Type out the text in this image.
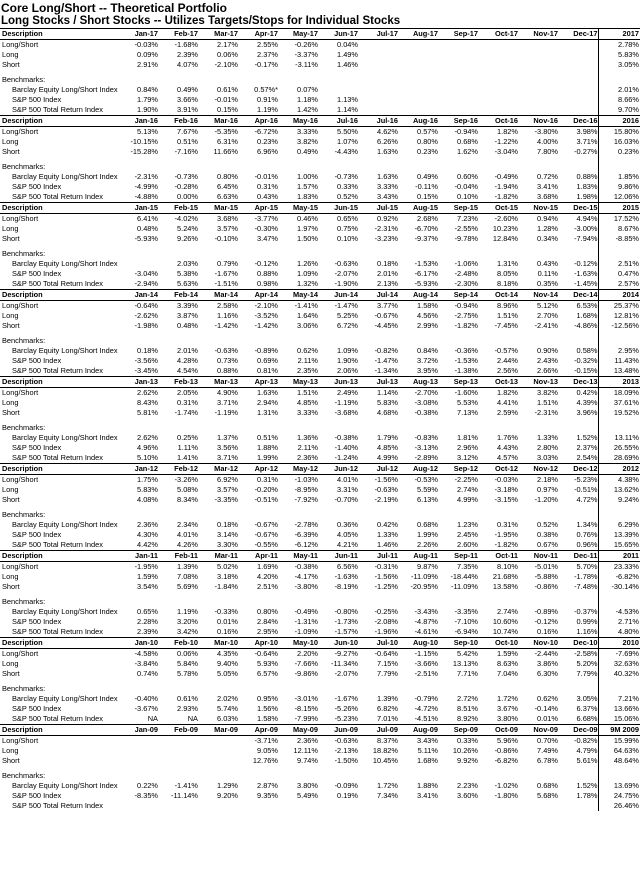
Core Long/Short -- Theoretical Portfolio
Long Stocks / Short Stocks -- Utilizes Targets/Stops for Individual Stocks
Description	Jan-17	Feb-17	Mar-17	Apr-17	May-17	Jun-17	Jul-17	Aug-17	Sep-17	Oct-17	Nov-17	Dec-17	2017
Long/Short	-0.03%	-1.68%	2.17%	2.55%	-0.26%	0.04%							2.78%
Long	0.09%	2.39%	0.06%	2.37%	-3.37%	1.49%							5.83%
Short	2.91%	4.07%	-2.10%	-0.17%	-3.11%	1.46%							3.05%

Benchmarks:													
Barclay Equity Long/Short Index	0.84%	0.49%	0.61%	0.57%*	0.07%								2.01%
S&P 500 Index	1.79%	3.66%	-0.01%	0.91%	1.18%	1.13%							8.66%
S&P 500 Total Return Index	1.90%	3.91%	0.15%	1.19%	1.42%	1.14%							9.70%
Description	Jan-16	Feb-16	Mar-16	Apr-16	May-16	Jul-16	Jul-16	Aug-16	Sep-16	Oct-16	Nov-16	Dec-16	2016
Long/Short	5.13%	7.67%	-5.35%	-6.72%	3.33%	5.50%	4.62%	0.57%	-0.94%	1.82%	-3.80%	3.98%	15.80%
Long	-10.15%	0.51%	6.31%	0.23%	3.82%	1.07%	6.26%	0.80%	0.68%	-1.22%	4.00%	3.71%	16.03%
Short	-15.28%	-7.16%	11.66%	6.96%	0.49%	-4.43%	1.63%	0.23%	1.62%	-3.04%	7.80%	-0.27%	0.23%

Benchmarks:													
Barclay Equity Long/Short Index	-2.31%	-0.73%	0.80%	-0.01%	1.00%	-0.73%	1.63%	0.49%	0.60%	-0.49%	0.72%	0.88%	1.85%
S&P 500 Index	-4.99%	-0.28%	6.45%	0.31%	1.57%	0.33%	3.33%	-0.11%	-0.04%	-1.94%	3.41%	1.83%	9.86%
S&P 500 Total Return Index	-4.88%	0.00%	6.63%	0.43%	1.83%	0.52%	3.43%	0.15%	0.10%	-1.82%	3.68%	1.98%	12.06%
Description	Jan-15	Feb-15	Mar-15	Apr-15	May-15	Jun-15	Jul-15	Aug-15	Sep-15	Oct-15	Nov-15	Dec-15	2015
Long/Short	6.41%	-4.02%	3.68%	-3.77%	0.46%	0.65%	0.92%	2.68%	7.23%	-2.60%	0.94%	4.94%	17.52%
Long	0.48%	5.24%	3.57%	-0.30%	1.97%	0.75%	-2.31%	-6.70%	-2.55%	10.23%	1.28%	-3.00%	8.67%
Short	-5.93%	9.26%	-0.10%	3.47%	1.50%	0.10%	-3.23%	-9.37%	-9.78%	12.84%	0.34%	-7.94%	-8.85%

Benchmarks:													
Barclay Equity Long/Short Index		2.03%	0.79%	-0.12%	1.26%	-0.63%	0.18%	-1.53%	-1.06%	1.31%	0.43%	-0.12%	2.51%
S&P 500 Index	-3.04%	5.38%	-1.67%	0.88%	1.09%	-2.07%	2.01%	-6.17%	-2.48%	8.05%	0.11%	-1.63%	0.47%
S&P 500 Total Return Index	-2.94%	5.63%	-1.51%	0.98%	1.32%	-1.90%	2.13%	-5.93%	-2.30%	8.18%	0.35%	-1.45%	2.57%
Description	Jan-14	Feb-14	Mar-14	Apr-14	May-14	Jun-14	Jul-14	Aug-14	Sep-14	Oct-14	Nov-14	Dec-14	2014
Long/Short	-0.64%	3.39%	2.58%	-2.10%	-1.41%	-1.47%	3.77%	1.58%	-0.94%	8.96%	5.12%	6.53%	25.37%
Long	-2.62%	3.87%	1.16%	-3.52%	1.64%	5.25%	-0.67%	4.56%	-2.75%	1.51%	2.70%	1.68%	12.81%
Short	-1.98%	0.48%	-1.42%	-1.42%	3.06%	6.72%	-4.45%	2.99%	-1.82%	-7.45%	-2.41%	-4.86%	-12.56%

Benchmarks:													
Barclay Equity Long/Short Index	0.18%	2.01%	-0.63%	-0.89%	0.62%	1.09%	-0.82%	0.84%	-0.36%	-0.57%	0.90%	0.58%	2.95%
S&P 500 Index	-3.56%	4.28%	0.73%	0.69%	2.11%	1.90%	-1.47%	3.72%	-1.53%	2.44%	2.43%	-0.32%	11.43%
S&P 500 Total Return Index	-3.45%	4.54%	0.88%	0.81%	2.35%	2.06%	-1.34%	3.95%	-1.38%	2.56%	2.66%	-0.15%	13.48%
Description	Jan-13	Feb-13	Mar-13	Apr-13	May-13	Jun-13	Jul-13	Aug-13	Sep-13	Oct-13	Nov-13	Dec-13	2013
Long/Short	2.62%	2.05%	4.90%	1.63%	1.51%	2.49%	1.14%	-2.70%	-1.60%	1.82%	3.82%	0.42%	18.09%
Long	8.43%	0.31%	3.71%	2.94%	4.85%	-1.19%	5.83%	-3.08%	5.53%	4.41%	1.51%	4.39%	37.61%
Short	5.81%	-1.74%	-1.19%	1.31%	3.33%	-3.68%	4.68%	-0.38%	7.13%	2.59%	-2.31%	3.96%	19.52%

Benchmarks:													
Barclay Equity Long/Short Index	2.62%	0.25%	1.37%	0.51%	1.36%	-0.38%	1.79%	-0.83%	1.81%	1.76%	1.33%	1.52%	13.11%
S&P 500 Index	4.96%	1.11%	3.56%	1.88%	2.11%	-1.40%	4.85%	-3.13%	2.96%	4.43%	2.80%	2.37%	26.55%
S&P 500 Total Return Index	5.10%	1.41%	3.71%	1.99%	2.36%	-1.24%	4.99%	-2.89%	3.12%	4.57%	3.03%	2.54%	28.69%
Description	Jan-12	Feb-12	Mar-12	Apr-12	May-12	Jun-12	Jul-12	Aug-12	Sep-12	Oct-12	Nov-12	Dec-12	2012
Long/Short	1.75%	-3.26%	6.92%	0.31%	-1.03%	4.01%	-1.56%	-0.53%	-2.25%	-0.03%	2.18%	-5.23%	4.38%
Long	5.83%	5.08%	3.57%	-0.20%	-8.95%	3.31%	-0.63%	5.59%	2.74%	-3.18%	0.97%	-0.51%	13.62%
Short	4.08%	8.34%	-3.35%	-0.51%	-7.92%	-0.70%	-2.19%	6.13%	4.99%	-3.15%	-1.20%	4.72%	9.24%

Benchmarks:													
Barclay Equity Long/Short Index	2.36%	2.34%	0.18%	-0.67%	-2.78%	0.36%	0.42%	0.68%	1.23%	0.31%	0.52%	1.34%	6.29%
S&P 500 Index	4.30%	4.01%	3.14%	-0.67%	-6.39%	4.05%	1.33%	1.99%	2.45%	-1.95%	0.38%	0.76%	13.39%
S&P 500 Total Return Index	4.42%	4.26%	3.30%	-0.55%	-6.12%	4.21%	1.46%	2.26%	2.60%	-1.82%	0.67%	0.96%	15.65%
Description	Jan-11	Feb-11	Mar-11	Apr-11	May-11	Jun-11	Jul-11	Aug-11	Sep-11	Oct-11	Nov-11	Dec-11	2011
Long/Short	-1.95%	1.39%	5.02%	1.69%	-0.38%	6.56%	-0.31%	9.87%	7.35%	8.10%	-5.01%	5.70%	23.33%
Long	1.59%	7.08%	3.18%	4.20%	-4.17%	-1.63%	-1.56%	-11.09%	-18.44%	21.68%	-5.88%	-1.78%	-6.82%
Short	3.54%	5.69%	-1.84%	2.51%	-3.80%	-8.19%	-1.25%	-20.95%	-11.09%	13.58%	-0.86%	-7.48%	-30.14%

Benchmarks:													
Barclay Equity Long/Short Index	0.65%	1.19%	-0.33%	0.80%	-0.49%	-0.80%	-0.25%	-3.43%	-3.35%	2.74%	-0.89%	-0.37%	-4.53%
S&P 500 Index	2.28%	3.20%	0.01%	2.84%	-1.31%	-1.73%	-2.08%	-4.87%	-7.10%	10.60%	-0.12%	0.99%	2.71%
S&P 500 Total Return Index	2.39%	3.42%	0.16%	2.95%	-1.09%	-1.57%	-1.96%	-4.61%	-6.94%	10.74%	0.16%	1.16%	4.80%
Description	Jan-10	Feb-10	Mar-10	Apr-10	May-10	Jun-10	Jul-10	Aug-10	Sep-10	Oct-10	Nov-10	Dec-10	2010
Long/Short	-4.58%	0.06%	4.35%	-0.64%	2.20%	-9.27%	-0.64%	-1.15%	5.42%	1.59%	-2.44%	-2.58%	-7.69%
Long	-3.84%	5.84%	9.40%	5.93%	-7.66%	-11.34%	7.15%	-3.66%	13.13%	8.63%	3.86%	5.20%	32.63%
Short	0.74%	5.78%	5.05%	6.57%	-9.86%	-2.07%	7.79%	-2.51%	7.71%	7.04%	6.30%	7.79%	40.32%

Benchmarks:													
Barclay Equity Long/Short Index	-0.40%	0.61%	2.02%	0.95%	-3.01%	-1.67%	1.39%	-0.79%	2.72%	1.72%	0.62%	3.05%	7.21%
S&P 500 Index	-3.67%	2.93%	5.74%	1.56%	-8.15%	-5.26%	6.82%	-4.72%	8.51%	3.67%	-0.14%	6.37%	13.66%
S&P 500 Total Return Index	NA	NA	6.03%	1.58%	-7.99%	-5.23%	7.01%	-4.51%	8.92%	3.80%	0.01%	6.68%	15.06%
Description	Jan-09	Feb-09	Mar-09	Apr-09	May-09	Jun-09	Jul-09	Aug-09	Sep-09	Oct-09	Nov-09	Dec-09	9M 2009
Long/Short				-3.71%	2.36%	-0.63%	8.37%	3.43%	0.33%	5.96%	0.70%	-0.82%	15.99%
Long				9.05%	12.11%	-2.13%	18.82%	5.11%	10.26%	-0.86%	7.49%	4.79%	64.63%
Short				12.76%	9.74%	-1.50%	10.45%	1.68%	9.92%	-6.82%	6.78%	5.61%	48.64%

Benchmarks:													
Barclay Equity Long/Short Index	0.22%	-1.41%	1.29%	2.87%	3.80%	-0.09%	1.72%	1.88%	2.23%	-1.02%	0.68%	1.52%	13.69%
S&P 500 Index	-8.35%	-11.14%	9.20%	9.35%	5.49%	0.19%	7.34%	3.41%	3.60%	-1.80%	5.68%	1.78%	24.75%
S&P 500 Total Return Index													26.46%
